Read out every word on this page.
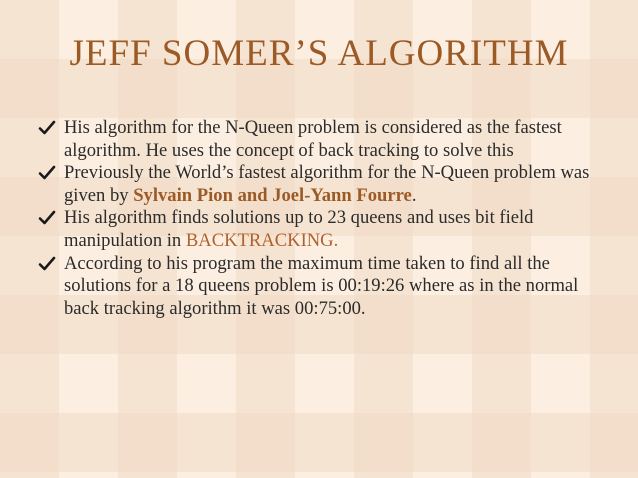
JEFF SOMER’S ALGORITHM
His algorithm for the N-Queen problem is considered as the fastest algorithm. He uses the concept of back tracking to solve this
Previously the World’s fastest algorithm for the N-Queen problem was given by Sylvain Pion and Joel-Yann Fourre.
His algorithm finds solutions up to 23 queens and uses bit field manipulation in BACKTRACKING.
According to his program the maximum time taken to find all the solutions for a 18 queens problem is 00:19:26 where as in the normal back tracking algorithm it was 00:75:00.
